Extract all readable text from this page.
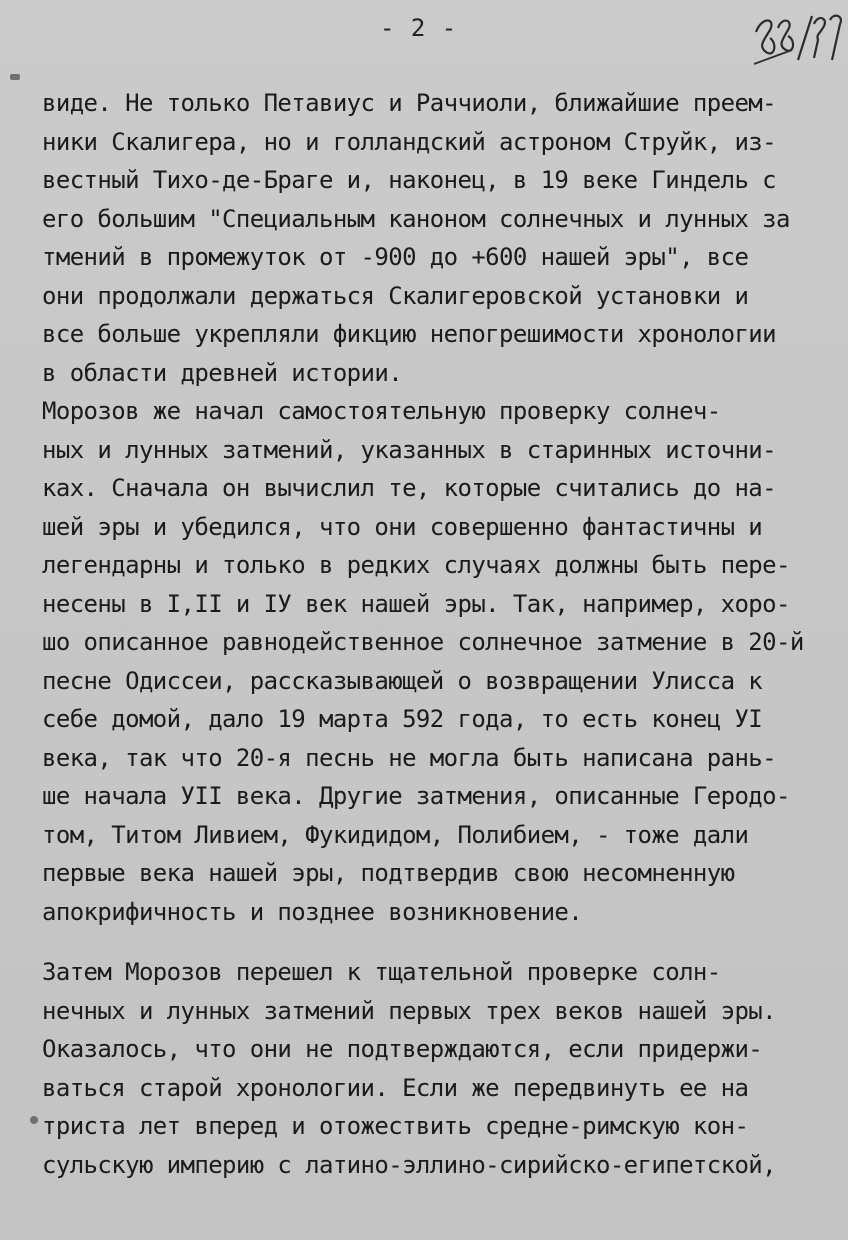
- 2 -
виде. Не только Петавиус и Раччиоли, ближайшие преем-
ники Скалигера, но и голландский астроном Струйк, из-
вестный Тихо-де-Браге и, наконец, в 19 веке Гиндель с
его большим "Специальным каноном солнечных и лунных за
тмений в промежуток от -900 до +600 нашей эры", все
они продолжали держаться Скалигеровской установки и
все больше укрепляли фикцию непогрешимости хронологии
в области древней истории.
Морозов же начал самостоятельную проверку солнеч-
ных и лунных затмений, указанных в старинных источни-
ках. Сначала он вычислил те, которые считались до на-
шей эры и убедился, что они совершенно фантастичны и
легендарны и только в редких случаях должны быть пере-
несены в I,II и IУ век нашей эры. Так, например, хоро-
шо описанное равнодейственное солнечное затмение в 20-й
песне Одиссеи, рассказывающей о возвращении Улисса к
себе домой, дало 19 марта 592 года, то есть конец УI
века, так что 20-я песнь не могла быть написана рань-
ше начала УII века. Другие затмения, описанные Геродо-
том, Титом Ливием, Фукидидом, Полибием, - тоже дали
первые века нашей эры, подтвердив свою несомненную
апокрифичность и позднее возникновение.
Затем Морозов перешел к тщательной проверке солн-
нечных и лунных затмений первых трех веков нашей эры.
Оказалось, что они не подтверждаются, если придержи-
ваться старой хронологии. Если же передвинуть ее на
триста лет вперед и отожествить средне-римскую кон-
сульскую империю с латино-эллино-сирийско-египетской,
